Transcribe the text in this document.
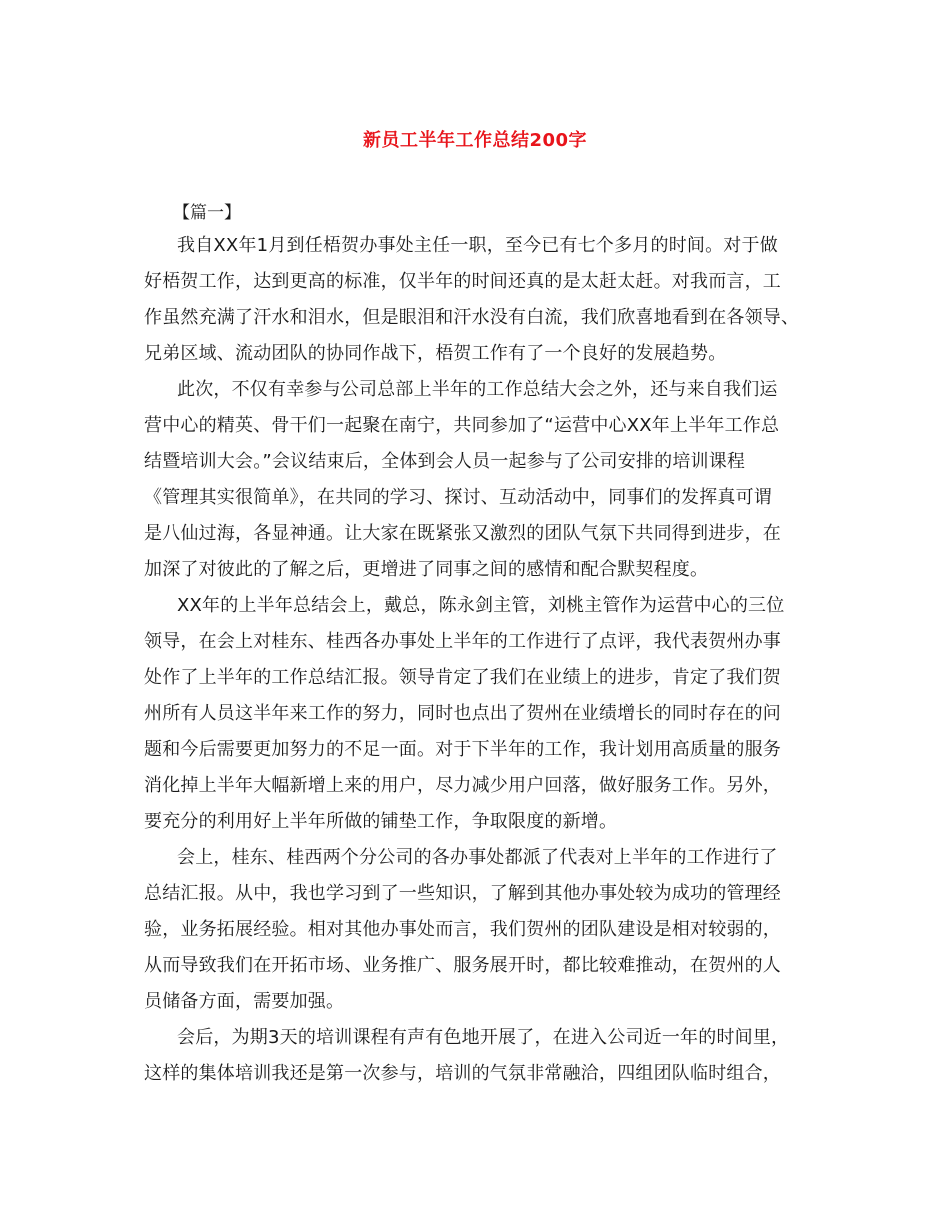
新员工半年工作总结200字
【篇一】
我自XX年1月到任梧贺办事处主任一职，至今已有七个多月的时间。对于做
好梧贺工作，达到更高的标准，仅半年的时间还真的是太赶太赶。对我而言，工
作虽然充满了汗水和泪水，但是眼泪和汗水没有白流，我们欣喜地看到在各领导、
兄弟区域、流动团队的协同作战下，梧贺工作有了一个良好的发展趋势。
此次，不仅有幸参与公司总部上半年的工作总结大会之外，还与来自我们运
营中心的精英、骨干们一起聚在南宁，共同参加了“运营中心XX年上半年工作总
结暨培训大会。”会议结束后，全体到会人员一起参与了公司安排的培训课程
《管理其实很简单》，在共同的学习、探讨、互动活动中，同事们的发挥真可谓
是八仙过海，各显神通。让大家在既紧张又激烈的团队气氛下共同得到进步，在
加深了对彼此的了解之后，更增进了同事之间的感情和配合默契程度。
XX年的上半年总结会上，戴总，陈永剑主管，刘桃主管作为运营中心的三位
领导，在会上对桂东、桂西各办事处上半年的工作进行了点评，我代表贺州办事
处作了上半年的工作总结汇报。领导肯定了我们在业绩上的进步，肯定了我们贺
州所有人员这半年来工作的努力，同时也点出了贺州在业绩增长的同时存在的问
题和今后需要更加努力的不足一面。对于下半年的工作，我计划用高质量的服务
消化掉上半年大幅新增上来的用户，尽力减少用户回落，做好服务工作。另外，
要充分的利用好上半年所做的铺垫工作，争取限度的新增。
会上，桂东、桂西两个分公司的各办事处都派了代表对上半年的工作进行了
总结汇报。从中，我也学习到了一些知识，了解到其他办事处较为成功的管理经
验，业务拓展经验。相对其他办事处而言，我们贺州的团队建设是相对较弱的，
从而导致我们在开拓市场、业务推广、服务展开时，都比较难推动，在贺州的人
员储备方面，需要加强。
会后，为期3天的培训课程有声有色地开展了，在进入公司近一年的时间里，
这样的集体培训我还是第一次参与，培训的气氛非常融洽，四组团队临时组合，
